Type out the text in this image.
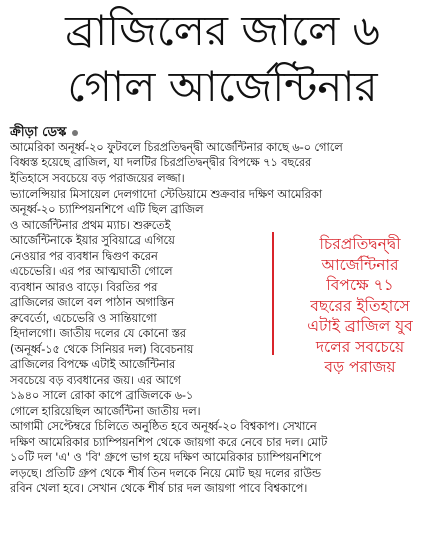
ব্রাজিলের জালে ৬
গোল আর্জেন্টিনার
ক্রীড়া ডেস্ক
আমেরিকা অনূর্ধ্ব-২০ ফুটবলে চিরপ্রতিদ্বন্দ্বী আর্জেন্টিনার কাছে ৬-০ গোলে
বিধ্বস্ত হয়েছে ব্রাজিল, যা দলটির চিরপ্রতিদ্বন্দ্বীর বিপক্ষে ৭১ বছরের
ইতিহাসে সবচেয়ে বড় পরাজয়ের লজ্জা।
ভ্যালেন্সিয়ার মিসায়েল দেলগাদো স্টেডিয়ামে শুক্রবার দক্ষিণ আমেরিকা
অনূর্ধ্ব-২০ চ্যাম্পিয়নশিপে এটি ছিল ব্রাজিল
ও আর্জেন্টিনার প্রথম ম্যাচ। শুরুতেই
আর্জেন্টিনাকে ইয়ার সুবিয়াব্রে এগিয়ে
নেওয়ার পর ব্যবধান দ্বিগুণ করেন
এচেভেরি। এর পর আত্মঘাতী গোলে
ব্যবধান আরও বাড়ে। বিরতির পর
ব্রাজিলের জালে বল পাঠান অগাস্তিন
রুবের্তো, এচেভেরি ও সান্তিয়াগো
হিদালগো। জাতীয় দলের যে কোনো স্তর
(অনূর্ধ্ব-১৫ থেকে সিনিয়র দল) বিবেচনায়
ব্রাজিলের বিপক্ষে এটাই আর্জেন্টিনার
সবচেয়ে বড় ব্যবধানের জয়। এর আগে
১৯৪০ সালে রোকা কাপে ব্রাজিলকে ৬-১
গোলে হারিয়েছিল আর্জেন্টিনা জাতীয় দল।
আগামী সেপ্টেম্বরে চিলিতে অনুষ্ঠিত হবে অনূর্ধ্ব-২০ বিশ্বকাপ। সেখানে
দক্ষিণ আমেরিকার চ্যাম্পিয়নশিপ থেকে জায়গা করে নেবে চার দল। মোট
১০টি দল 'এ' ও 'বি' গ্রুপে ভাগ হয়ে দক্ষিণ আমেরিকার চ্যাম্পিয়নশিপে
লড়ছে। প্রতিটি গ্রুপ থেকে শীর্ষ তিন দলকে নিয়ে মোট ছয় দলের রাউন্ড
রবিন খেলা হবে। সেখান থেকে শীর্ষ চার দল জায়গা পাবে বিশ্বকাপে।
চিরপ্রতিদ্বন্দ্বী
আর্জেন্টিনার
বিপক্ষে ৭১
বছরের ইতিহাসে
এটাই ব্রাজিল যুব
দলের সবচেয়ে
বড় পরাজয়
